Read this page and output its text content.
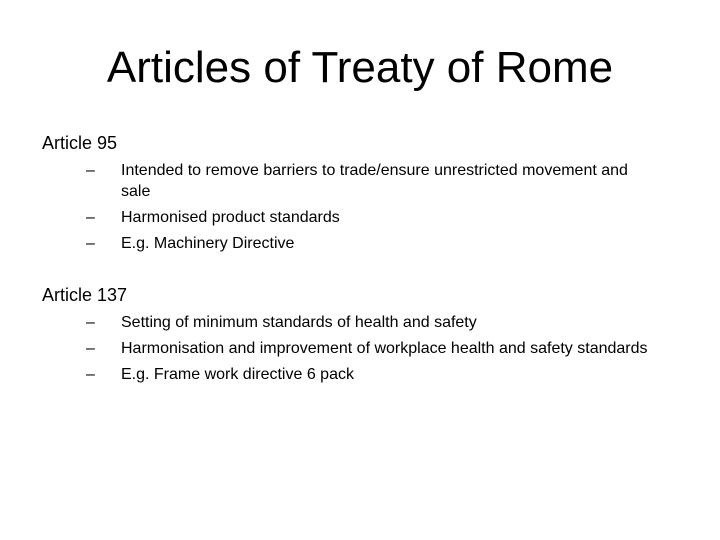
Articles of Treaty of Rome

Article 95

– Intended to remove barriers to trade/ensure unrestricted movement and sale
– Harmonised product standards
– E.g. Machinery Directive

Article 137

– Setting of minimum standards of health and safety
– Harmonisation and improvement of workplace health and safety standards
– E.g. Frame work directive 6 pack
